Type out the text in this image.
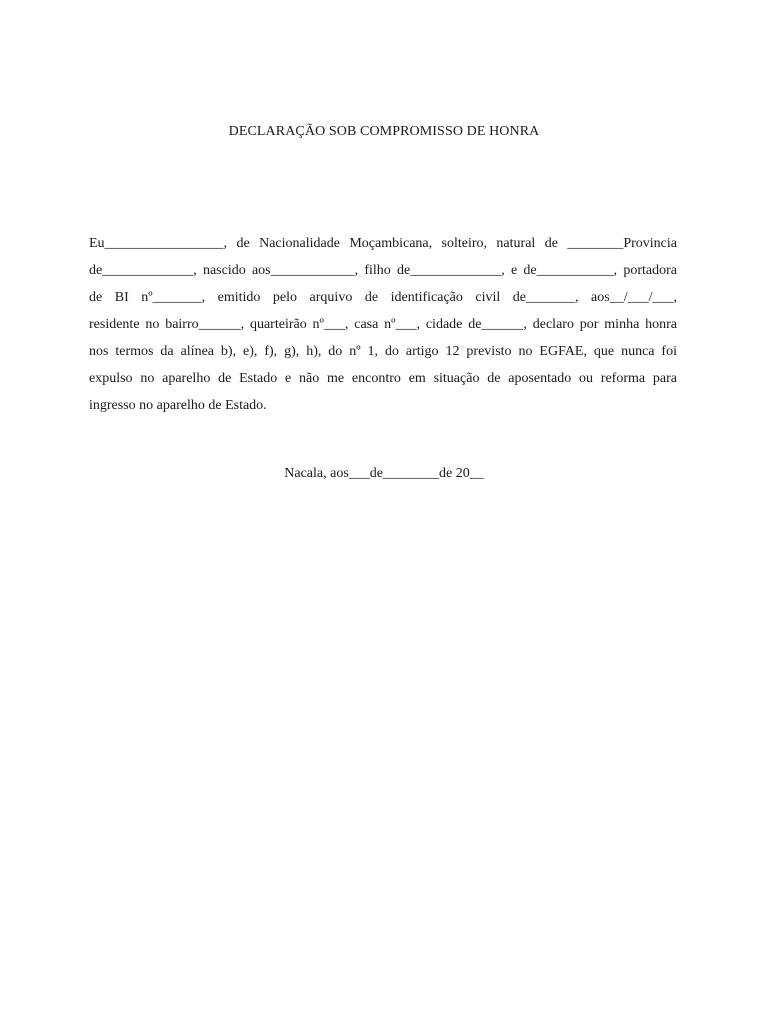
DECLARAÇÃO SOB COMPROMISSO DE HONRA
Eu_________________, de Nacionalidade Moçambicana, solteiro, natural de ________Provincia
de_____________, nascido aos____________, filho de_____________, e de___________, portadora
de BI nº_______, emitido pelo arquivo de identificação civil de_______, aos__/___/___,
residente no bairro______, quarteirão nº___, casa nº___, cidade de______, declaro por minha honra
nos termos da alínea b), e), f), g), h), do nº 1, do artigo 12 previsto no EGFAE, que nunca foi
expulso no aparelho de Estado e não me encontro em situação de aposentado ou reforma para
ingresso no aparelho de Estado.
Nacala, aos___de________de 20__
